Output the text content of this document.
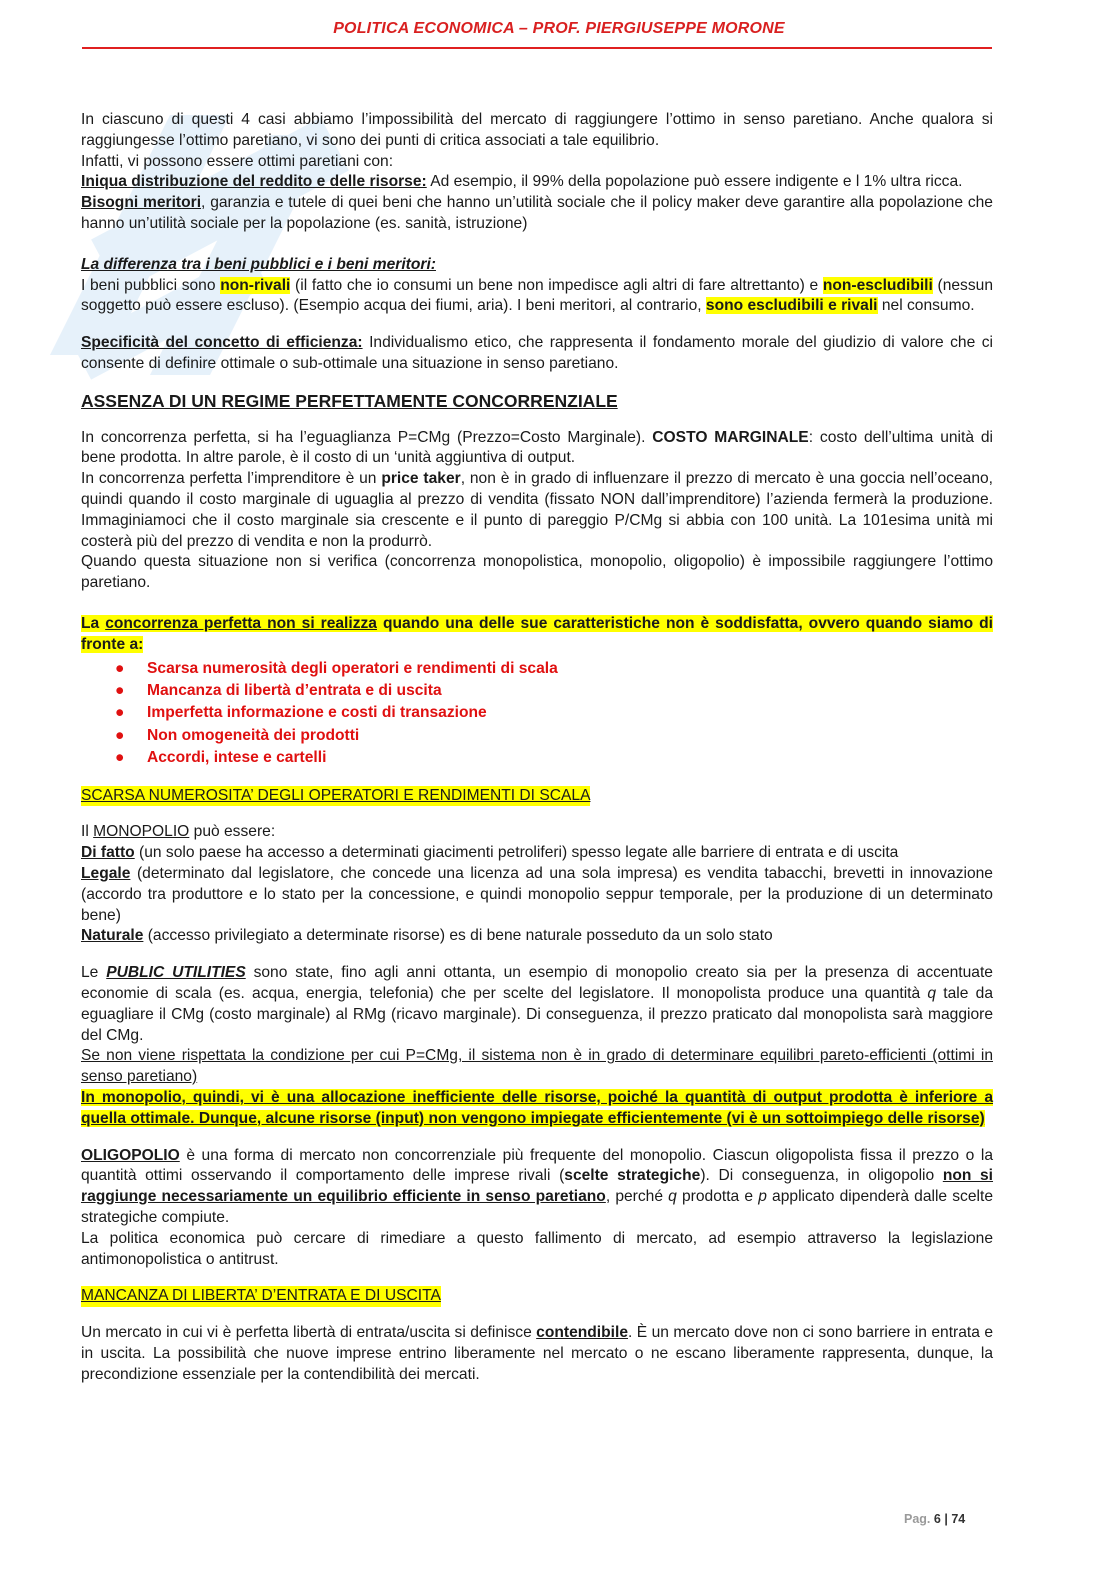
POLITICA ECONOMICA – PROF. PIERGIUSEPPE MORONE

In ciascuno di questi 4 casi abbiamo l’impossibilità del mercato di raggiungere l’ottimo in senso paretiano. Anche qualora si raggiungesse l’ottimo paretiano, vi sono dei punti di critica associati a tale equilibrio.

Infatti, vi possono essere ottimi paretiani con:

Iniqua distribuzione del reddito e delle risorse: Ad esempio, il 99% della popolazione può essere indigente e l 1% ultra ricca.

Bisogni meritori, garanzia e tutele di quei beni che hanno un’utilità sociale che il policy maker deve garantire alla popolazione che hanno un’utilità sociale per la popolazione (es. sanità, istruzione)

La differenza tra i beni pubblici e i beni meritori:

I beni pubblici sono non-rivali (il fatto che io consumi un bene non impedisce agli altri di fare altrettanto) e non-escludibili (nessun soggetto può essere escluso). (Esempio acqua dei fiumi, aria). I beni meritori, al contrario, sono escludibili e rivali nel consumo.

Specificità del concetto di efficienza: Individualismo etico, che rappresenta il fondamento morale del giudizio di valore che ci consente di definire ottimale o sub-ottimale una situazione in senso paretiano.

ASSENZA DI UN REGIME PERFETTAMENTE CONCORRENZIALE

In concorrenza perfetta, si ha l’eguaglianza P=CMg (Prezzo=Costo Marginale). COSTO MARGINALE: costo dell’ultima unità di bene prodotta. In altre parole, è il costo di un ‘unità aggiuntiva di output.

In concorrenza perfetta l’imprenditore è un price taker, non è in grado di influenzare il prezzo di mercato è una goccia nell’oceano, quindi quando il costo marginale di uguaglia al prezzo di vendita (fissato NON dall’imprenditore) l’azienda fermerà la produzione. Immaginiamoci che il costo marginale sia crescente e il punto di pareggio P/CMg si abbia con 100 unità. La 101esima unità mi costerà più del prezzo di vendita e non la produrrò.

Quando questa situazione non si verifica (concorrenza monopolistica, monopolio, oligopolio) è impossibile raggiungere l’ottimo paretiano.

La concorrenza perfetta non si realizza quando una delle sue caratteristiche non è soddisfatta, ovvero quando siamo di fronte a:

● Scarsa numerosità degli operatori e rendimenti di scala
● Mancanza di libertà d’entrata e di uscita
● Imperfetta informazione e costi di transazione
● Non omogeneità dei prodotti
● Accordi, intese e cartelli

SCARSA NUMEROSITA’ DEGLI OPERATORI E RENDIMENTI DI SCALA

Il MONOPOLIO può essere:

Di fatto (un solo paese ha accesso a determinati giacimenti petroliferi) spesso legate alle barriere di entrata e di uscita

Legale (determinato dal legislatore, che concede una licenza ad una sola impresa) es vendita tabacchi, brevetti in innovazione (accordo tra produttore e lo stato per la concessione, e quindi monopolio seppur temporale, per la produzione di un determinato bene)

Naturale (accesso privilegiato a determinate risorse) es di bene naturale posseduto da un solo stato

Le PUBLIC UTILITIES sono state, fino agli anni ottanta, un esempio di monopolio creato sia per la presenza di accentuate economie di scala (es. acqua, energia, telefonia) che per scelte del legislatore. Il monopolista produce una quantità q tale da eguagliare il CMg (costo marginale) al RMg (ricavo marginale). Di conseguenza, il prezzo praticato dal monopolista sarà maggiore del CMg.

Se non viene rispettata la condizione per cui P=CMg, il sistema non è in grado di determinare equilibri pareto-efficienti (ottimi in senso paretiano)

In monopolio, quindi, vi è una allocazione inefficiente delle risorse, poiché la quantità di output prodotta è inferiore a quella ottimale. Dunque, alcune risorse (input) non vengono impiegate efficientemente (vi è un sottoimpiego delle risorse)

OLIGOPOLIO è una forma di mercato non concorrenziale più frequente del monopolio. Ciascun oligopolista fissa il prezzo o la quantità ottimi osservando il comportamento delle imprese rivali (scelte strategiche). Di conseguenza, in oligopolio non si raggiunge necessariamente un equilibrio efficiente in senso paretiano, perché q prodotta e p applicato dipenderà dalle scelte strategiche compiute.

La politica economica può cercare di rimediare a questo fallimento di mercato, ad esempio attraverso la legislazione antimonopolistica o antitrust.

MANCANZA DI LIBERTA’ D’ENTRATA E DI USCITA

Un mercato in cui vi è perfetta libertà di entrata/uscita si definisce contendibile. È un mercato dove non ci sono barriere in entrata e in uscita. La possibilità che nuove imprese entrino liberamente nel mercato o ne escano liberamente rappresenta, dunque, la precondizione essenziale per la contendibilità dei mercati.

Pag. 6 | 74
